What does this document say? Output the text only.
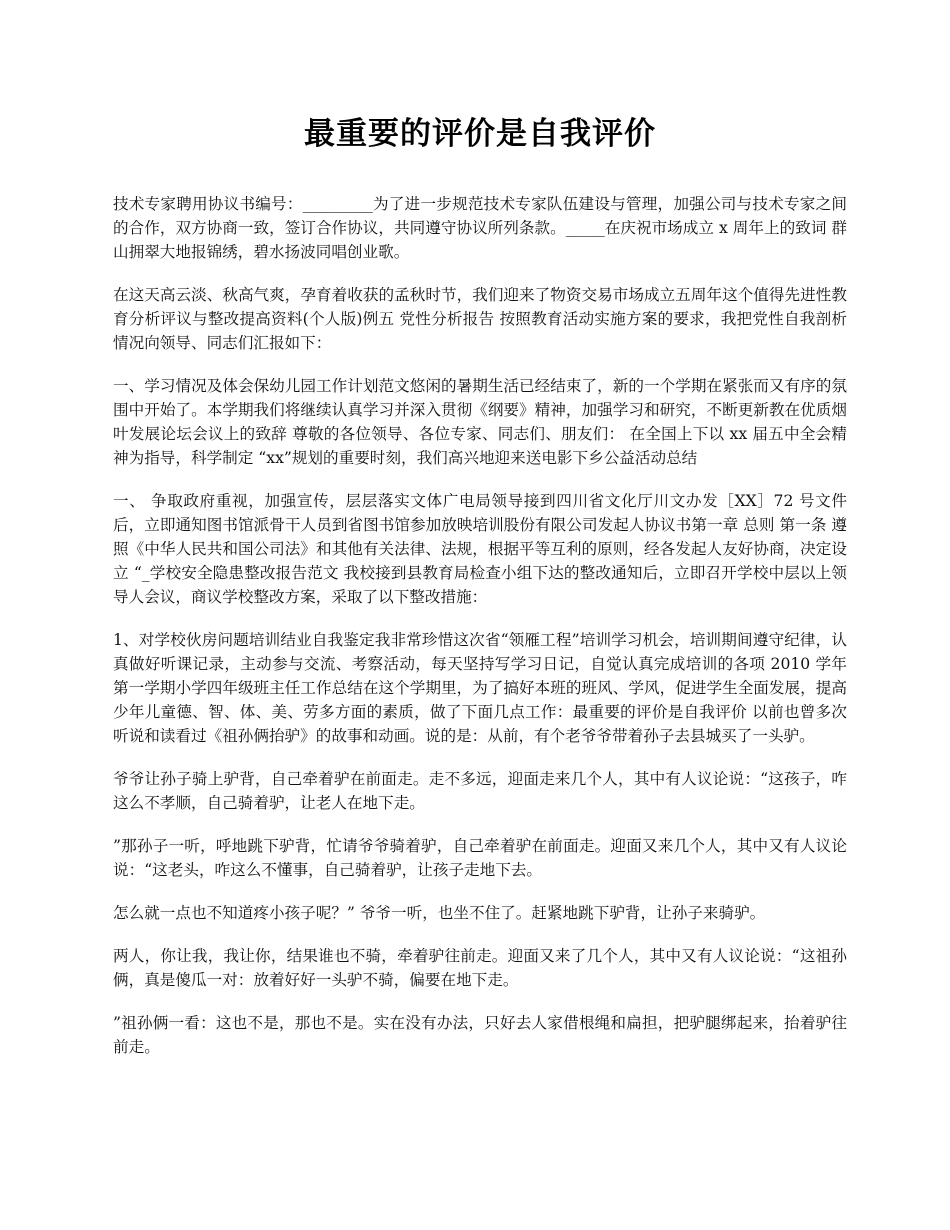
最重要的评价是自我评价

技术专家聘用协议书编号：_________为了进一步规范技术专家队伍建设与管理，加强公司与技术专家之间的合作，双方协商一致，签订合作协议，共同遵守协议所列条款。_____在庆祝市场成立 x 周年上的致词 群山拥翠大地报锦绣，碧水扬波同唱创业歌。

在这天高云淡、秋高气爽，孕育着收获的孟秋时节，我们迎来了物资交易市场成立五周年这个值得先进性教育分析评议与整改提高资料(个人版)例五 党性分析报告 按照教育活动实施方案的要求，我把党性自我剖析情况向领导、同志们汇报如下：

一、学习情况及体会保幼儿园工作计划范文悠闲的暑期生活已经结束了，新的一个学期在紧张而又有序的氛围中开始了。本学期我们将继续认真学习并深入贯彻《纲要》精神，加强学习和研究，不断更新教在优质烟叶发展论坛会议上的致辞 尊敬的各位领导、各位专家、同志们、朋友们： 在全国上下以 xx 届五中全会精神为指导，科学制定 “xx”规划的重要时刻，我们高兴地迎来送电影下乡公益活动总结

一、 争取政府重视，加强宣传，层层落实文体广电局领导接到四川省文化厅川文办发［XX］72 号文件后，立即通知图书馆派骨干人员到省图书馆参加放映培训股份有限公司发起人协议书第一章 总则 第一条 遵照《中华人民共和国公司法》和其他有关法律、法规，根据平等互利的原则，经各发起人友好协商，决定设立 “_学校安全隐患整改报告范文 我校接到县教育局检查小组下达的整改通知后，立即召开学校中层以上领导人会议，商议学校整改方案，采取了以下整改措施：

1、对学校伙房问题培训结业自我鉴定我非常珍惜这次省“领雁工程”培训学习机会，培训期间遵守纪律，认真做好听课记录，主动参与交流、考察活动，每天坚持写学习日记，自觉认真完成培训的各项 2010 学年第一学期小学四年级班主任工作总结在这个学期里，为了搞好本班的班风、学风，促进学生全面发展，提高少年儿童德、智、体、美、劳多方面的素质，做了下面几点工作：最重要的评价是自我评价 以前也曾多次听说和读看过《祖孙俩抬驴》的故事和动画。说的是：从前，有个老爷爷带着孙子去县城买了一头驴。

爷爷让孙子骑上驴背，自己牵着驴在前面走。走不多远，迎面走来几个人，其中有人议论说：“这孩子，咋这么不孝顺，自己骑着驴，让老人在地下走。

”那孙子一听，呼地跳下驴背，忙请爷爷骑着驴，自己牵着驴在前面走。迎面又来几个人，其中又有人议论说：“这老头，咋这么不懂事，自己骑着驴，让孩子走地下去。

怎么就一点也不知道疼小孩子呢？” 爷爷一听，也坐不住了。赶紧地跳下驴背，让孙子来骑驴。

两人，你让我，我让你，结果谁也不骑，牵着驴往前走。迎面又来了几个人，其中又有人议论说：“这祖孙俩，真是傻瓜一对：放着好好一头驴不骑，偏要在地下走。

”祖孙俩一看：这也不是，那也不是。实在没有办法，只好去人家借根绳和扁担，把驴腿绑起来，抬着驴往前走。
